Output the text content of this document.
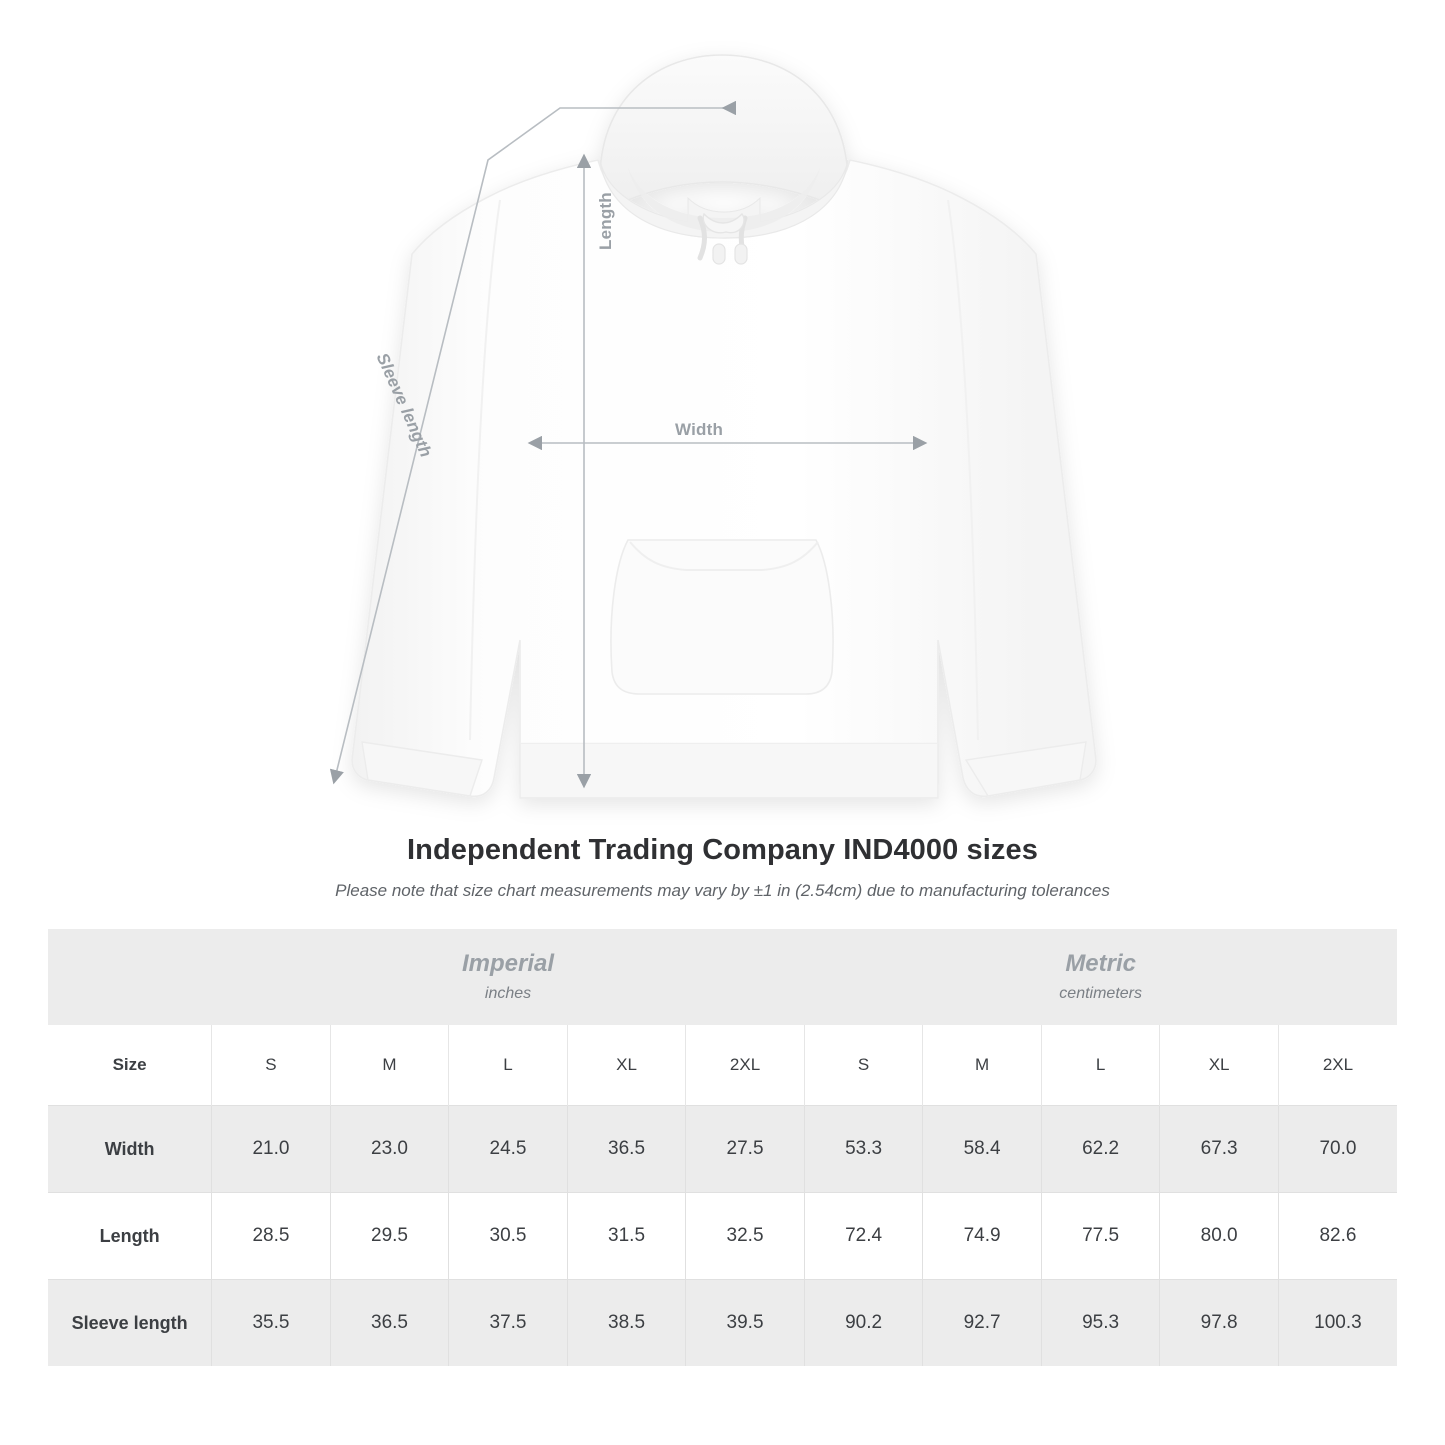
Length
Width
Sleeve length
Independent Trading Company IND4000 sizes
Please note that size chart measurements may vary by ±1 in (2.54cm) due to manufacturing tolerances

Imperial
inches

Metric
centimeters

Size	S	M	L	XL	2XL	S	M	L	XL	2XL
Width	21.0	23.0	24.5	36.5	27.5	53.3	58.4	62.2	67.3	70.0
Length	28.5	29.5	30.5	31.5	32.5	72.4	74.9	77.5	80.0	82.6
Sleeve length	35.5	36.5	37.5	38.5	39.5	90.2	92.7	95.3	97.8	100.3
